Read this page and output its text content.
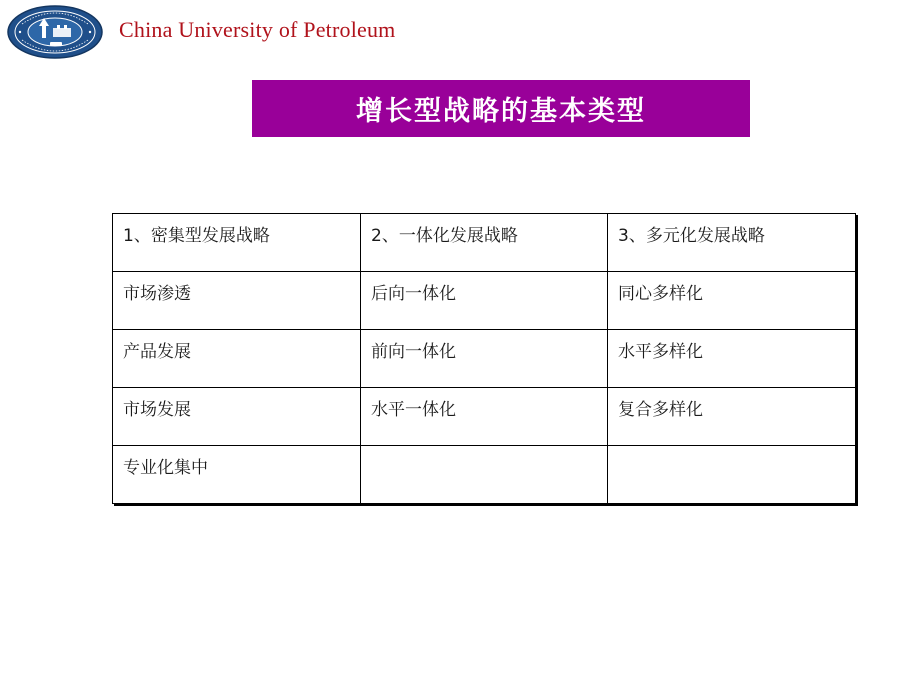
China University of Petroleum
增长型战略的基本类型
1、密集型发展战略	2、一体化发展战略	3、多元化发展战略
市场渗透	后向一体化	同心多样化
产品发展	前向一体化	水平多样化
市场发展	水平一体化	复合多样化
专业化集中		
